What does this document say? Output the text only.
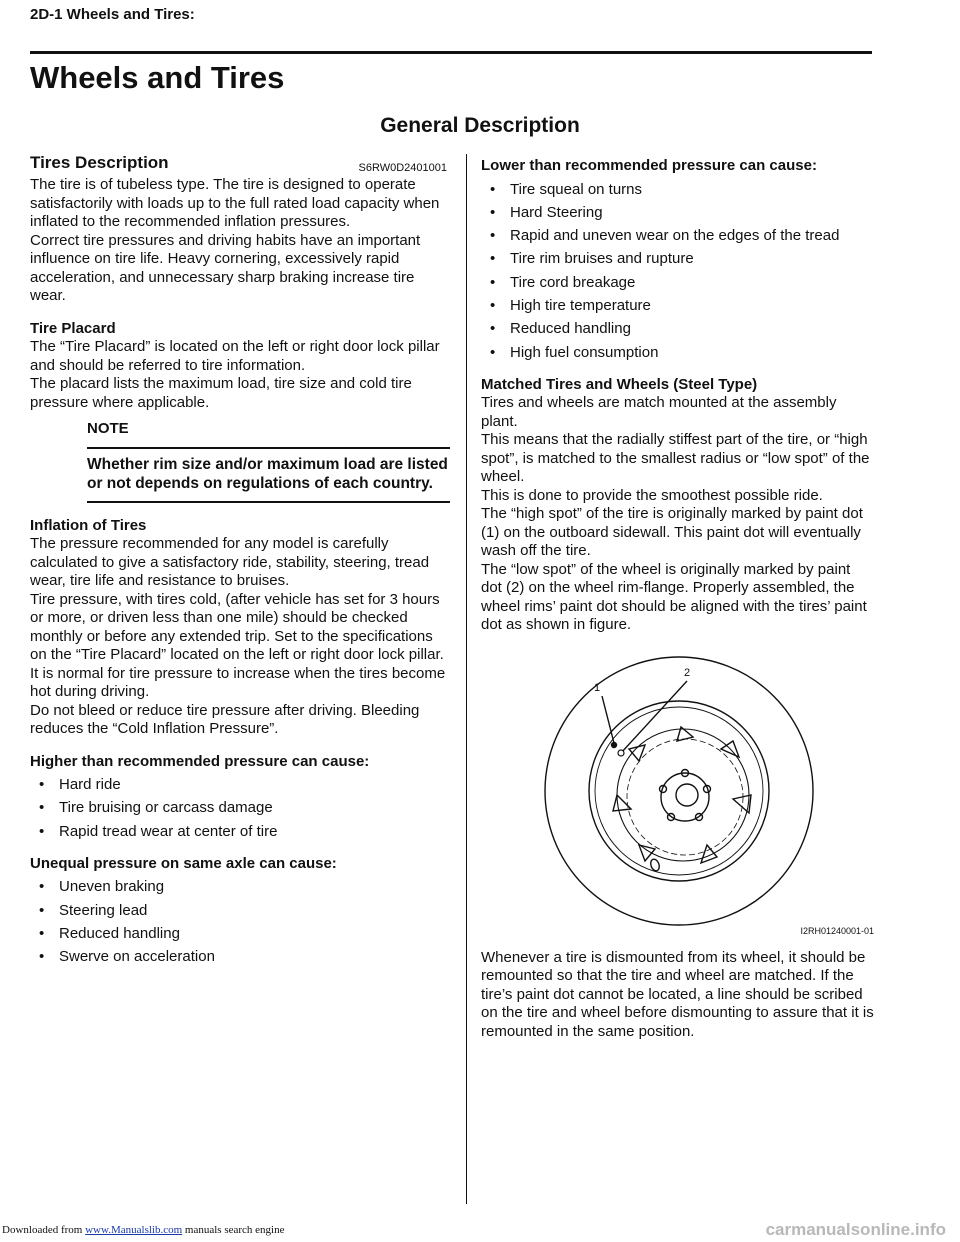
2D-1 Wheels and Tires:
Wheels and Tires
General Description
Tires Description	S6RW0D2401001

The tire is of tubeless type. The tire is designed to operate satisfactorily with loads up to the full rated load capacity when inflated to the recommended inflation pressures.

Correct tire pressures and driving habits have an important influence on tire life. Heavy cornering, excessively rapid acceleration, and unnecessary sharp braking increase tire wear.

Tire Placard

The “Tire Placard” is located on the left or right door lock pillar and should be referred to tire information.

The placard lists the maximum load, tire size and cold tire pressure where applicable.

NOTE
Whether rim size and/or maximum load are listed or not depends on regulations of each country.

Inflation of Tires

The pressure recommended for any model is carefully calculated to give a satisfactory ride, stability, steering, tread wear, tire life and resistance to bruises.

Tire pressure, with tires cold, (after vehicle has set for 3 hours or more, or driven less than one mile) should be checked monthly or before any extended trip. Set to the specifications on the “Tire Placard” located on the left or right door lock pillar.

It is normal for tire pressure to increase when the tires become hot during driving.

Do not bleed or reduce tire pressure after driving. Bleeding reduces the “Cold Inflation Pressure”.

Higher than recommended pressure can cause:

• Hard ride
• Tire bruising or carcass damage
• Rapid tread wear at center of tire

Unequal pressure on same axle can cause:

• Uneven braking
• Steering lead
• Reduced handling
• Swerve on acceleration

Lower than recommended pressure can cause:

• Tire squeal on turns
• Hard Steering
• Rapid and uneven wear on the edges of the tread
• Tire rim bruises and rupture
• Tire cord breakage
• High tire temperature
• Reduced handling
• High fuel consumption

Matched Tires and Wheels (Steel Type)

Tires and wheels are match mounted at the assembly plant.

This means that the radially stiffest part of the tire, or “high spot”, is matched to the smallest radius or “low spot” of the wheel.

This is done to provide the smoothest possible ride.

The “high spot” of the tire is originally marked by paint dot (1) on the outboard sidewall. This paint dot will eventually wash off the tire.

The “low spot” of the wheel is originally marked by paint dot (2) on the wheel rim-flange. Properly assembled, the wheel rims’ paint dot should be aligned with the tires’ paint dot as shown in figure.

1
2
I2RH01240001-01

Whenever a tire is dismounted from its wheel, it should be remounted so that the tire and wheel are matched. If the tire’s paint dot cannot be located, a line should be scribed on the tire and wheel before dismounting to assure that it is remounted in the same position.

Downloaded from www.Manualslib.com manuals search engine	carmanualsonline.info
